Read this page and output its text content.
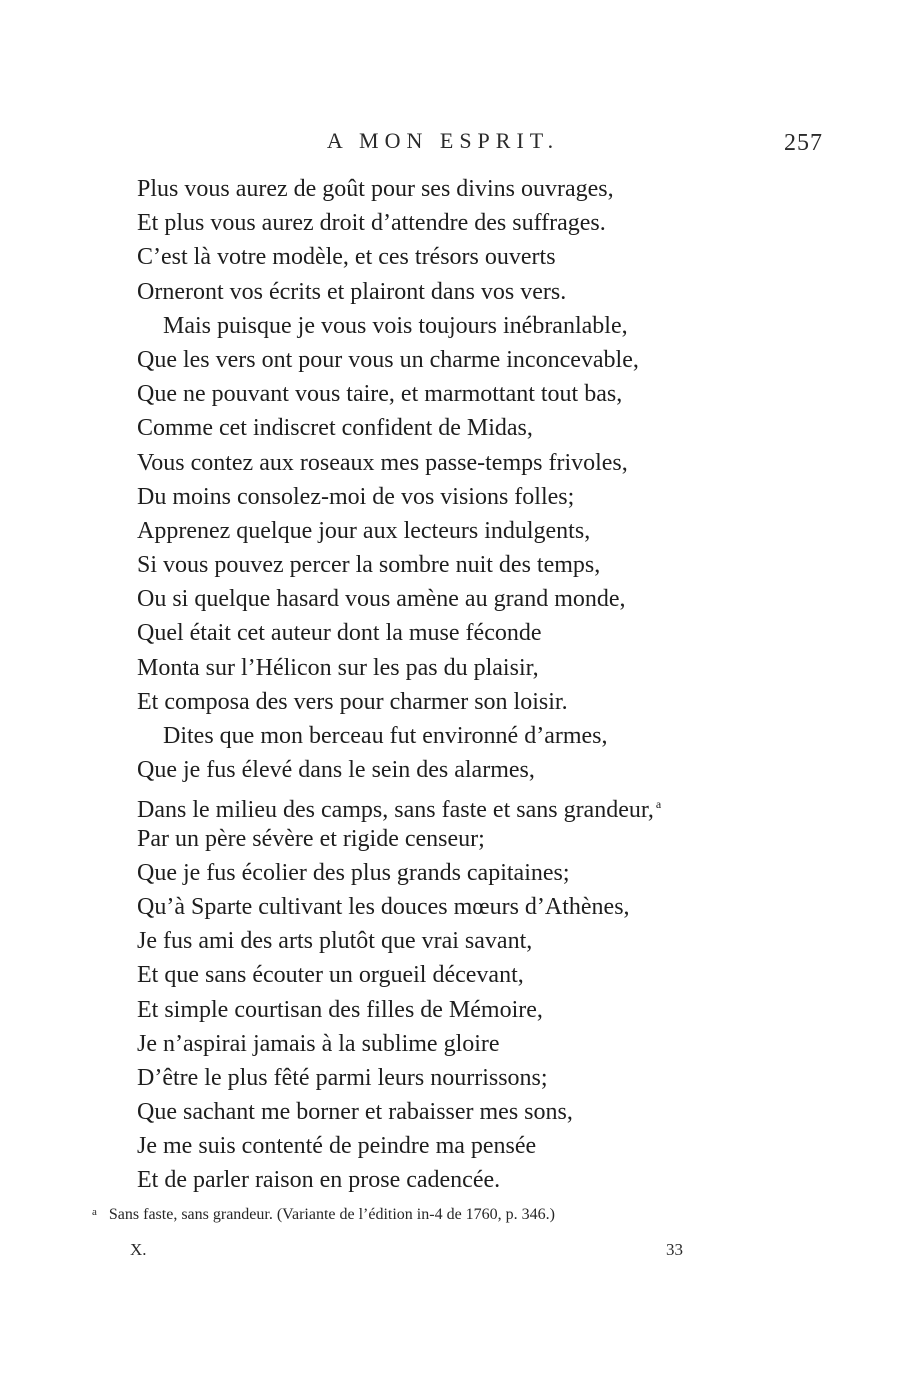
A MON ESPRIT.	257
Plus vous aurez de goût pour ses divins ouvrages,
Et plus vous aurez droit d’attendre des suffrages.
C’est là votre modèle, et ces trésors ouverts
Orneront vos écrits et plairont dans vos vers.
Mais puisque je vous vois toujours inébranlable,
Que les vers ont pour vous un charme inconcevable,
Que ne pouvant vous taire, et marmottant tout bas,
Comme cet indiscret confident de Midas,
Vous contez aux roseaux mes passe-temps frivoles,
Du moins consolez-moi de vos visions folles;
Apprenez quelque jour aux lecteurs indulgents,
Si vous pouvez percer la sombre nuit des temps,
Ou si quelque hasard vous amène au grand monde,
Quel était cet auteur dont la muse féconde
Monta sur l’Hélicon sur les pas du plaisir,
Et composa des vers pour charmer son loisir.
Dites que mon berceau fut environné d’armes,
Que je fus élevé dans le sein des alarmes,
Dans le milieu des camps, sans faste et sans grandeur, $^a$
Par un père sévère et rigide censeur;
Que je fus écolier des plus grands capitaines;
Qu’à Sparte cultivant les douces mœurs d’Athènes,
Je fus ami des arts plutôt que vrai savant,
Et que sans écouter un orgueil décevant,
Et simple courtisan des filles de Mémoire,
Je n’aspirai jamais à la sublime gloire
D’être le plus fêté parmi leurs nourrissons;
Que sachant me borner et rabaisser mes sons,
Je me suis contenté de peindre ma pensée
Et de parler raison en prose cadencée.
$^a$ Sans faste, sans grandeur. (Variante de l’édition in-4 de 1760, p. 346.)
X.	33
